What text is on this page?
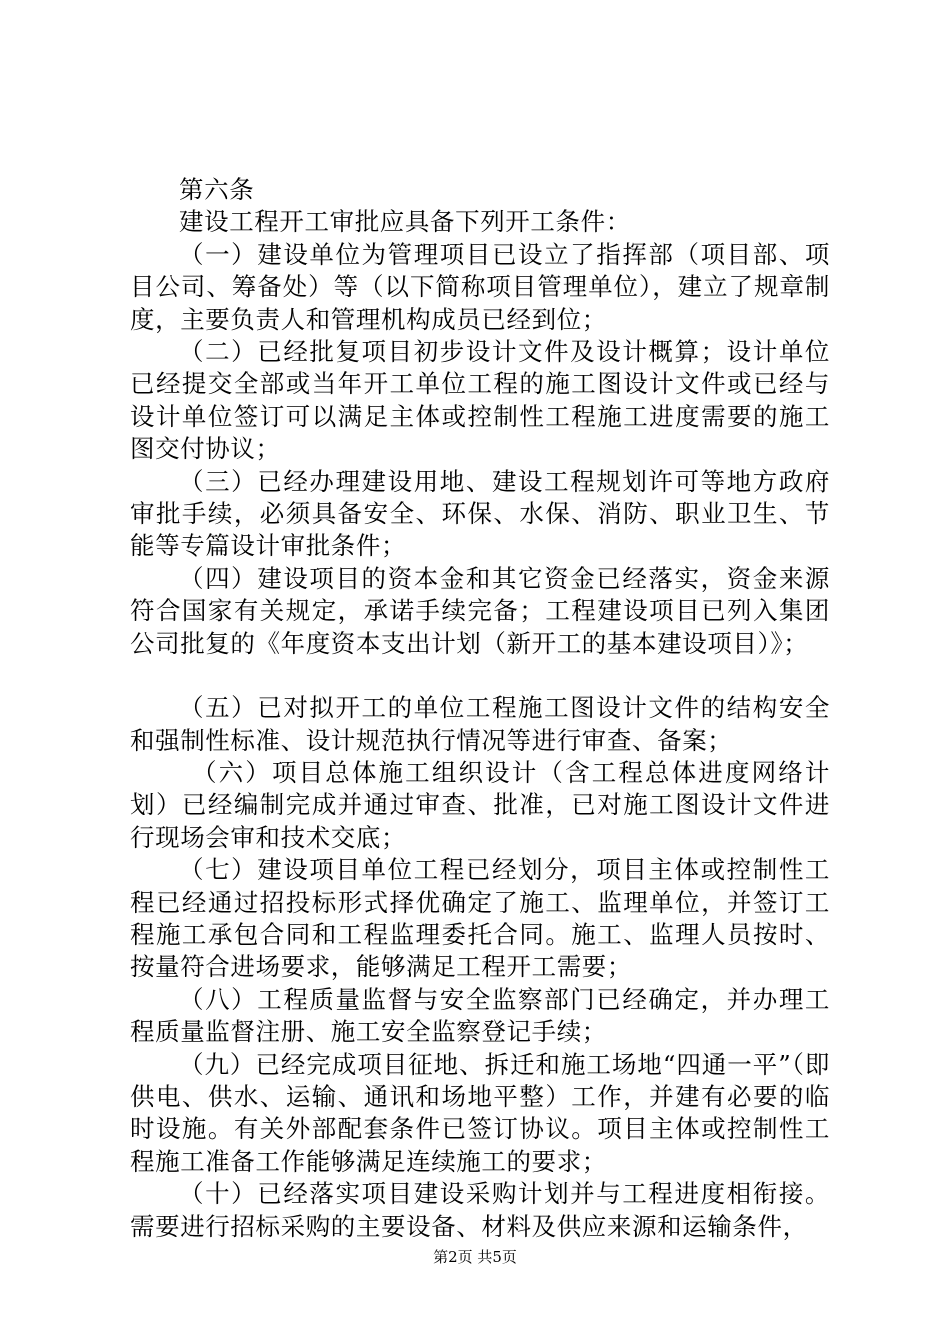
第六条

建设工程开工审批应具备下列开工条件：

（一）建设单位为管理项目已设立了指挥部（项目部、项目公司、筹备处）等（以下简称项目管理单位），建立了规章制度，主要负责人和管理机构成员已经到位；

（二）已经批复项目初步设计文件及设计概算；设计单位已经提交全部或当年开工单位工程的施工图设计文件或已经与设计单位签订可以满足主体或控制性工程施工进度需要的施工图交付协议；

（三）已经办理建设用地、建设工程规划许可等地方政府审批手续，必须具备安全、环保、水保、消防、职业卫生、节能等专篇设计审批条件；

（四）建设项目的资本金和其它资金已经落实，资金来源符合国家有关规定，承诺手续完备；工程建设项目已列入集团公司批复的《年度资本支出计划（新开工的基本建设项目）》；

（五）已对拟开工的单位工程施工图设计文件的结构安全和强制性标准、设计规范执行情况等进行审查、备案；

（六）项目总体施工组织设计（含工程总体进度网络计划）已经编制完成并通过审查、批准，已对施工图设计文件进行现场会审和技术交底；

（七）建设项目单位工程已经划分，项目主体或控制性工程已经通过招投标形式择优确定了施工、监理单位，并签订工程施工承包合同和工程监理委托合同。施工、监理人员按时、按量符合进场要求，能够满足工程开工需要；

（八）工程质量监督与安全监察部门已经确定，并办理工程质量监督注册、施工安全监察登记手续；

（九）已经完成项目征地、拆迁和施工场地“四通一平”（即供电、供水、运输、通讯和场地平整）工作，并建有必要的临时设施。有关外部配套条件已签订协议。项目主体或控制性工程施工准备工作能够满足连续施工的要求；

（十）已经落实项目建设采购计划并与工程进度相衔接。需要进行招标采购的主要设备、材料及供应来源和运输条件，

第2页 共5页
